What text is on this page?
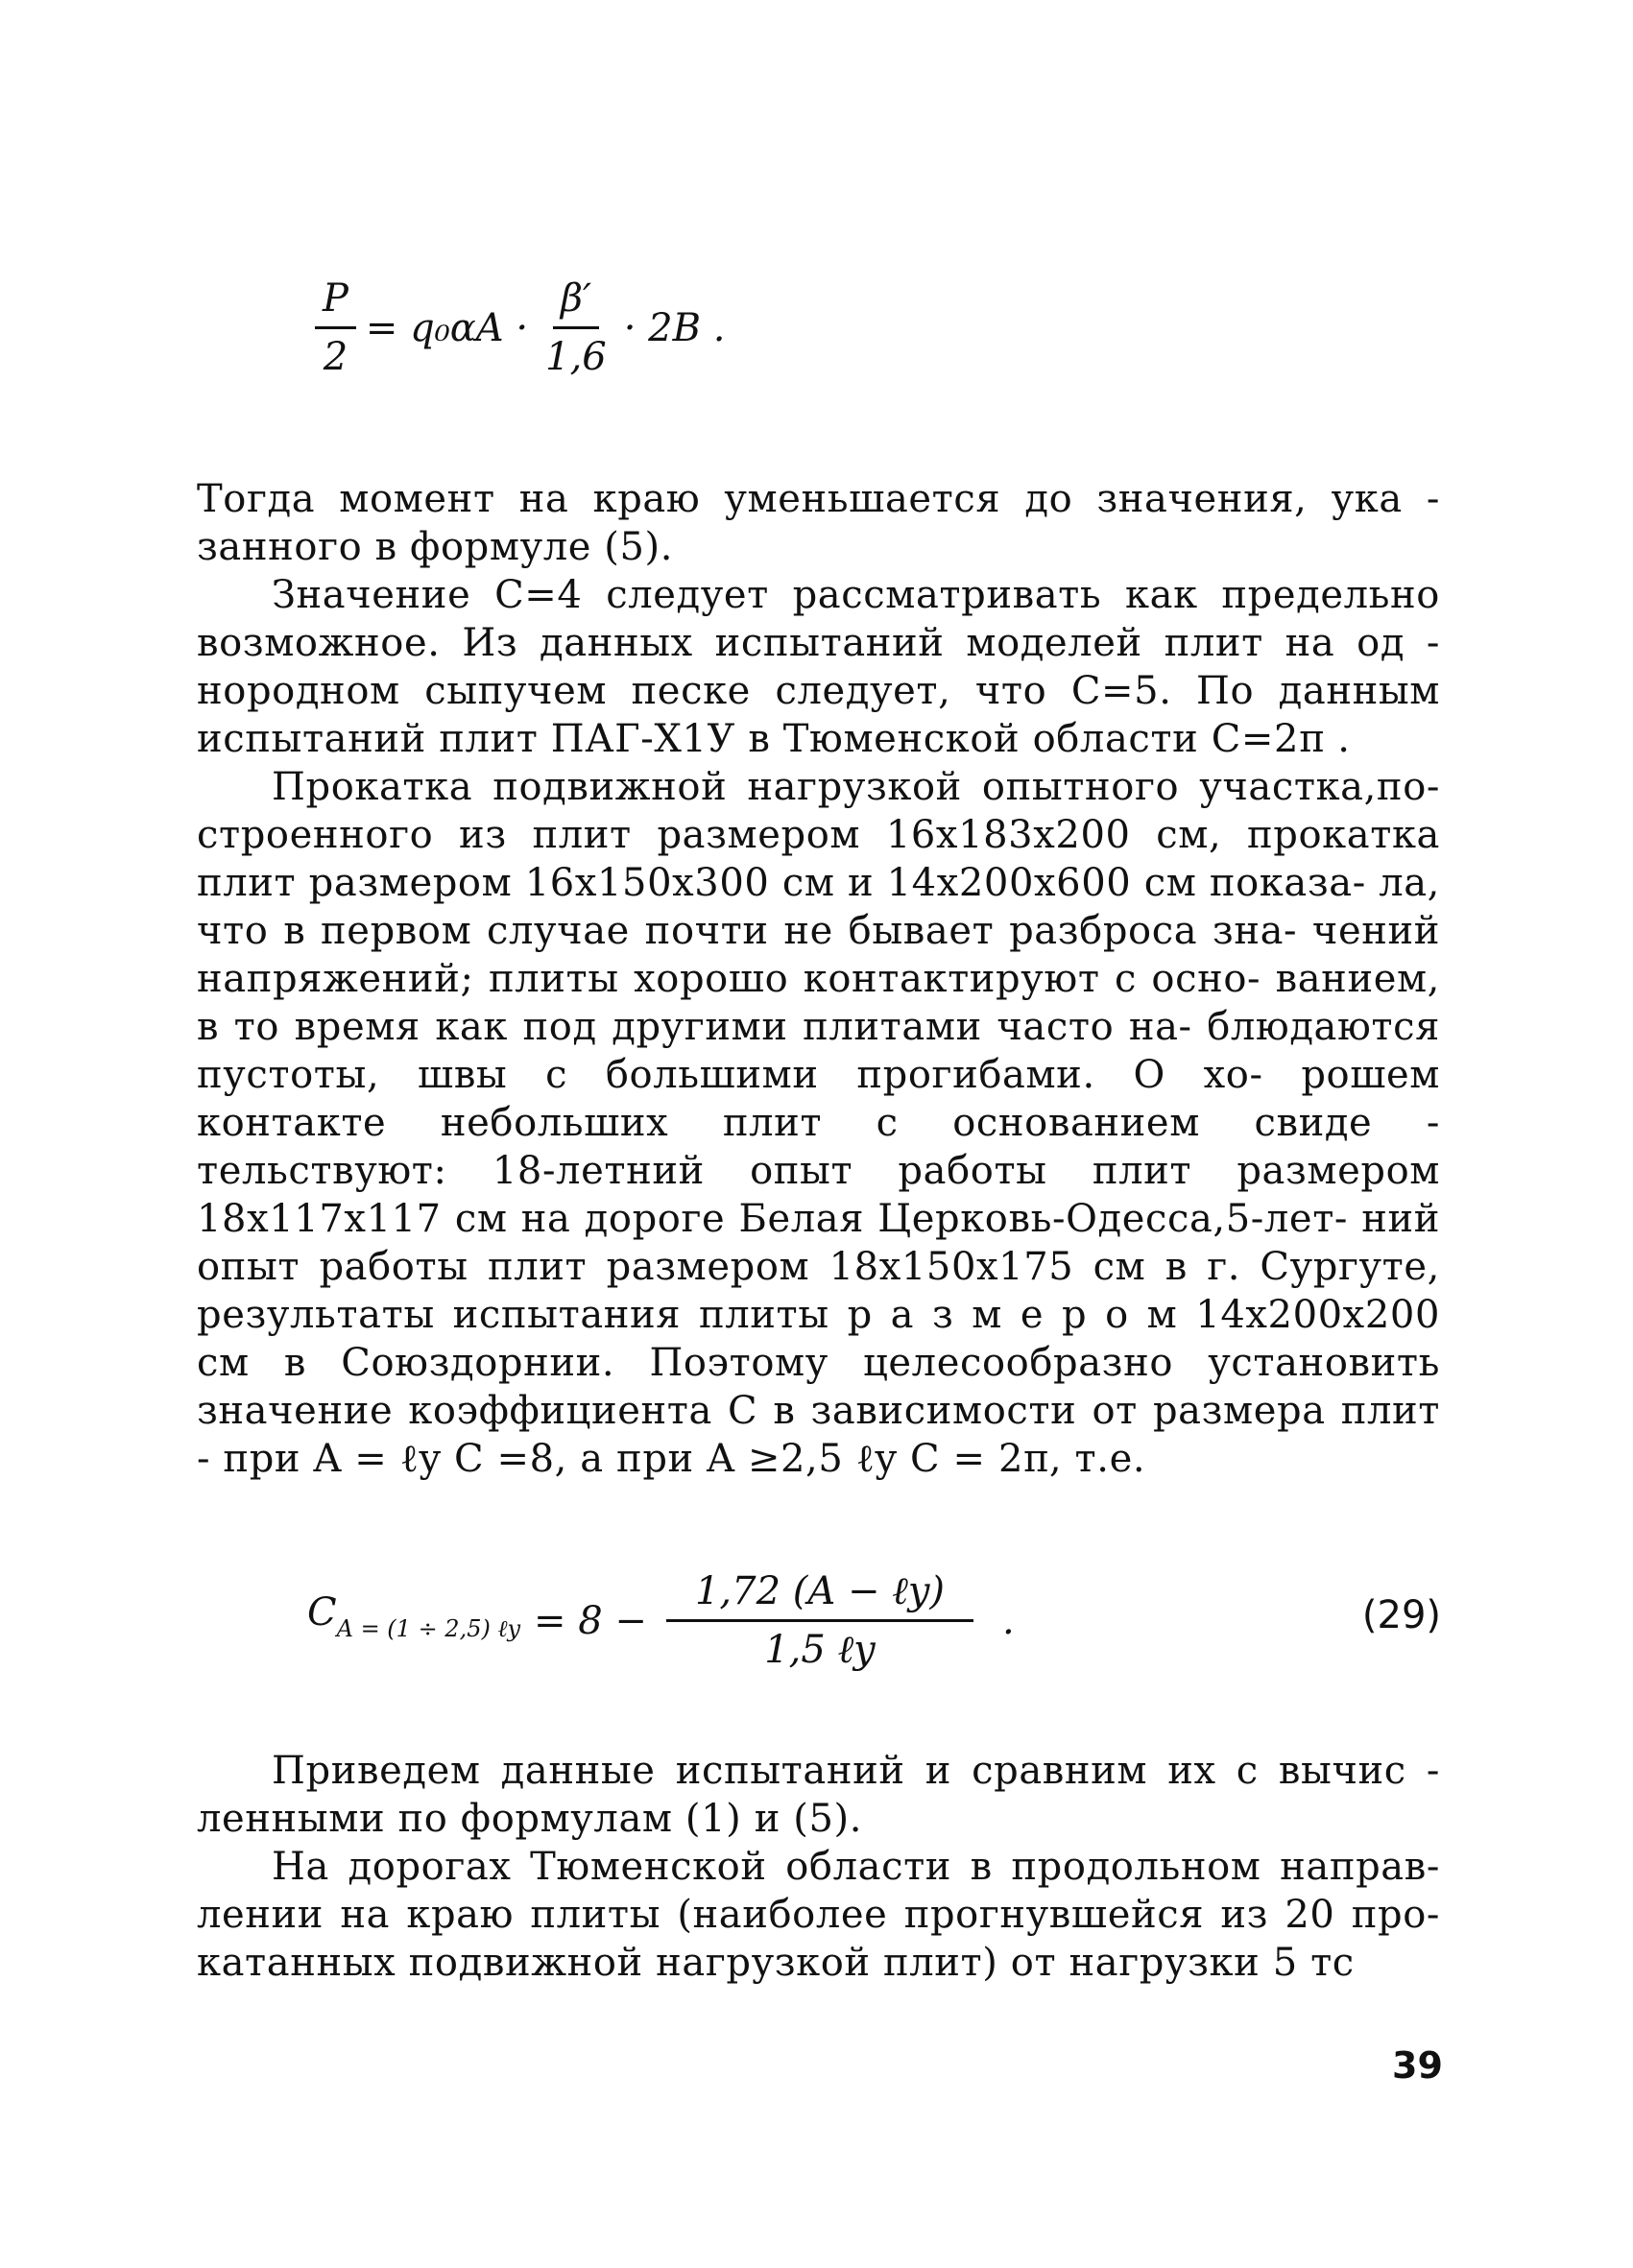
$\frac{P}{2} = q_0\alpha A \cdot \frac{\beta'}{1,6} \cdot 2B$ .

Тогда момент на краю уменьшается до значения, ука - занного в формуле (5).

Значение С=4 следует рассматривать как предельно возможное. Из данных испытаний моделей плит на од - нородном сыпучем песке следует, что С=5. По данным испытаний плит ПАГ-Х1У в Тюменской области С=2π .

Прокатка подвижной нагрузкой опытного участка,по- строенного из плит размером 16х183х200 см, прокатка плит размером 16х150х300 см и 14х200х600 см показа- ла, что в первом случае почти не бывает разброса зна- чений напряжений; плиты хорошо контактируют с осно- ванием, в то время как под другими плитами часто на- блюдаются пустоты, швы с большими прогибами. О хо- рошем контакте небольших плит с основанием свиде - тельствуют: 18-летний опыт работы плит размером 18х117х117 см на дороге Белая Церковь-Одесса,5-лет- ний опыт работы плит размером 18х150х175 см в г. Сургуте, результаты испытания плиты р а з м е р о м 14х200х200 см в Союздорнии. Поэтому целесообразно установить значение коэффициента C в зависимости от размера плит - при A = ℓy C =8, а при A ≥2,5 ℓy C = 2π, т.е.

$C_{A = (1 \div 2,5) \ell y} = 8 - \frac{\text{1,72 (A − ℓy)}}{\text{1,5 ℓy}}$ .	(29)

Приведем данные испытаний и сравним их с вычис - ленными по формулам (1) и (5).

На дорогах Тюменской области в продольном направ- лении на краю плиты (наиболее прогнувшейся из 20 про- катанных подвижной нагрузкой плит) от нагрузки 5 тс

39
